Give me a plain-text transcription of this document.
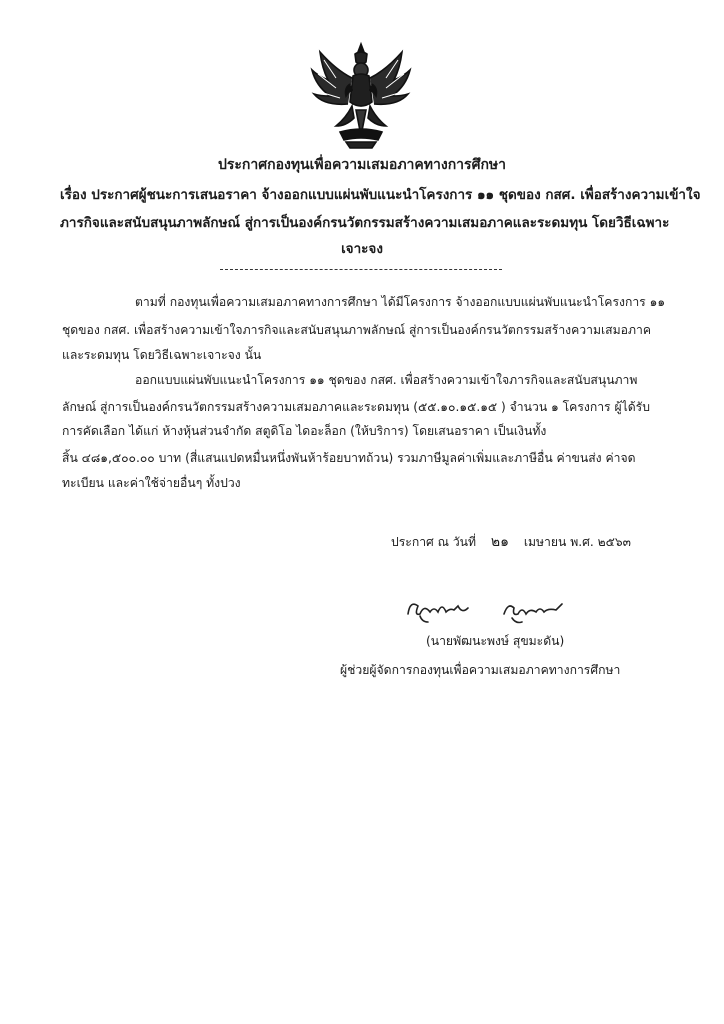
ประกาศกองทุนเพื่อความเสมอภาคทางการศึกษา
เรื่อง ประกาศผู้ชนะการเสนอราคา จ้างออกแบบแผ่นพับแนะนำโครงการ ๑๑ ชุดของ กสศ. เพื่อสร้างความเข้าใจ
ภารกิจและสนับสนุนภาพลักษณ์ สู่การเป็นองค์กรนวัตกรรมสร้างความเสมอภาคและระดมทุน โดยวิธีเฉพาะ
เจาะจง
ตามที่ กองทุนเพื่อความเสมอภาคทางการศึกษา ได้มีโครงการ จ้างออกแบบแผ่นพับแนะนำโครงการ ๑๑
ชุดของ กสศ. เพื่อสร้างความเข้าใจภารกิจและสนับสนุนภาพลักษณ์ สู่การเป็นองค์กรนวัตกรรมสร้างความเสมอภาค
และระดมทุน โดยวิธีเฉพาะเจาะจง นั้น
ออกแบบแผ่นพับแนะนำโครงการ ๑๑ ชุดของ กสศ. เพื่อสร้างความเข้าใจภารกิจและสนับสนุนภาพ
ลักษณ์ สู่การเป็นองค์กรนวัตกรรมสร้างความเสมอภาคและระดมทุน (๕๕.๑๐.๑๕.๑๕ ) จำนวน ๑ โครงการ ผู้ได้รับ
การคัดเลือก ได้แก่ ห้างหุ้นส่วนจำกัด สตูดิโอ ไดอะล็อก (ให้บริการ) โดยเสนอราคา เป็นเงินทั้ง
สิ้น ๔๘๑,๕๐๐.๐๐ บาท (สี่แสนแปดหมื่นหนึ่งพันห้าร้อยบาทถ้วน) รวมภาษีมูลค่าเพิ่มและภาษีอื่น ค่าขนส่ง ค่าจด
ทะเบียน และค่าใช้จ่ายอื่นๆ ทั้งปวง
ประกาศ ณ วันที่ ๒๑ เมษายน พ.ศ. ๒๕๖๓
(นายพัฒนะพงษ์ สุขมะดัน)
ผู้ช่วยผู้จัดการกองทุนเพื่อความเสมอภาคทางการศึกษา
